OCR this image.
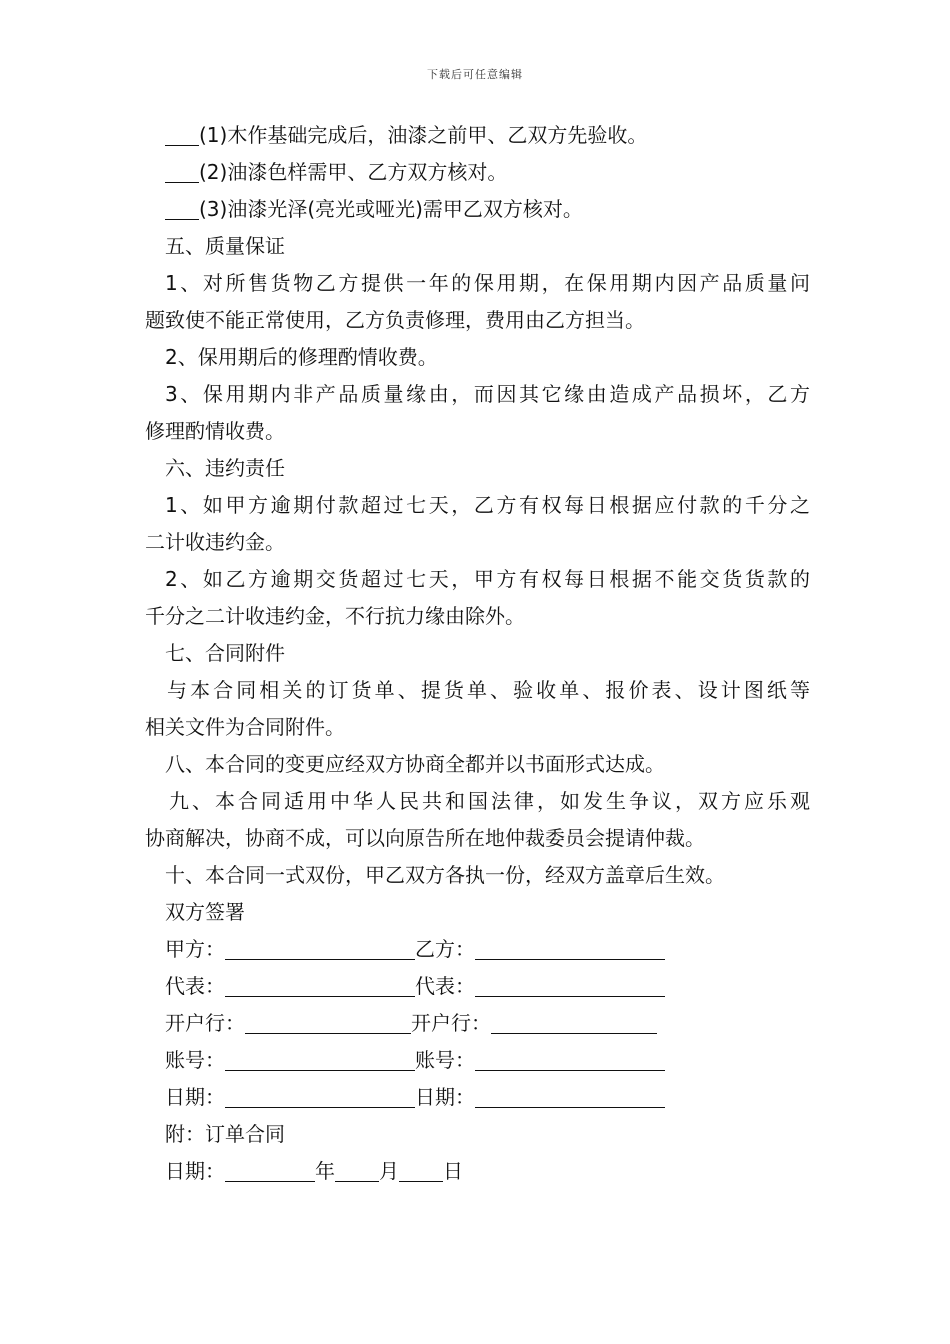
下载后可任意编辑
(1)木作基础完成后，油漆之前甲、乙双方先验收。
(2)油漆色样需甲、乙方双方核对。
(3)油漆光泽(亮光或哑光)需甲乙双方核对。
五、质量保证
1、对所售货物乙方提供一年的保用期，在保用期内因产品质量问
题致使不能正常使用，乙方负责修理，费用由乙方担当。
2、保用期后的修理酌情收费。
3、保用期内非产品质量缘由，而因其它缘由造成产品损坏，乙方
修理酌情收费。
六、违约责任
1、如甲方逾期付款超过七天，乙方有权每日根据应付款的千分之
二计收违约金。
2、如乙方逾期交货超过七天，甲方有权每日根据不能交货货款的
千分之二计收违约金，不行抗力缘由除外。
七、合同附件
与本合同相关的订货单、提货单、验收单、报价表、设计图纸等
相关文件为合同附件。
八、本合同的变更应经双方协商全都并以书面形式达成。
九、本合同适用中华人民共和国法律，如发生争议，双方应乐观
协商解决，协商不成，可以向原告所在地仲裁委员会提请仲裁。
十、本合同一式双份，甲乙双方各执一份，经双方盖章后生效。
双方签署
甲方：	乙方：
代表：	代表：
开户行：	开户行：
账号：	账号：
日期：	日期：
附：订单合同
日期：	年 月 日
